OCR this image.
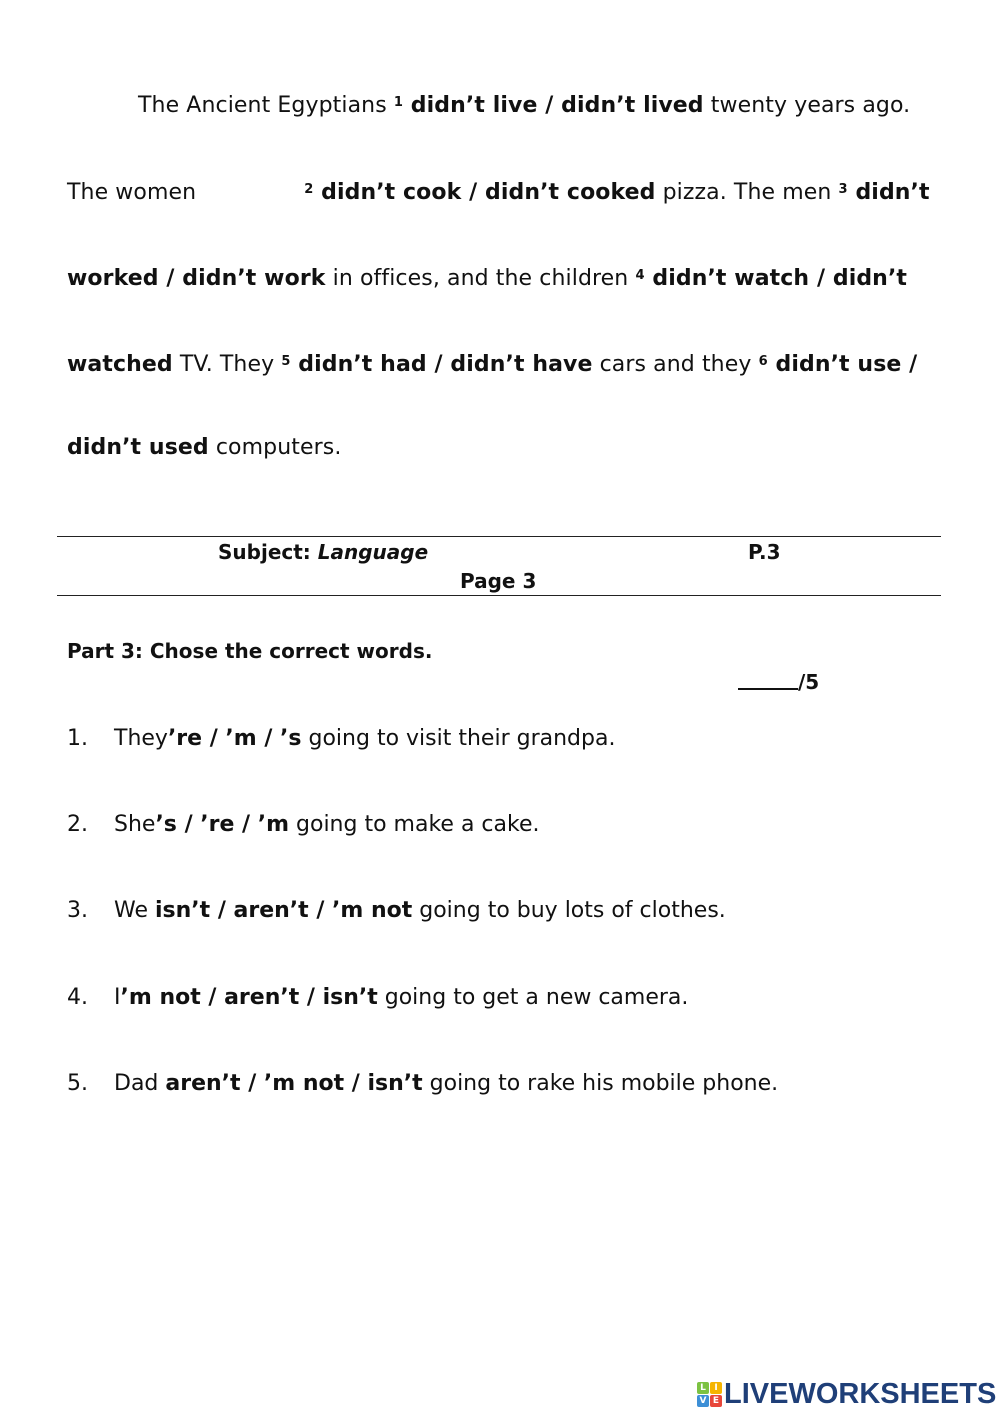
The Ancient Egyptians $^1$ didn’t live / didn’t lived twenty years ago.
The women	$^2$ didn’t cook / didn’t cooked pizza. The men $^3$ didn’t
worked / didn’t work in offices, and the children $^4$ didn’t watch / didn’t
watched TV. They $^5$ didn’t had / didn’t have cars and they $^6$ didn’t use /
didn’t used computers.
Subject: Language	P.3
Page 3
Part 3: Chose the correct words.
/5
1. They’re / ’m / ’s going to visit their grandpa.
2. She’s / ’re / ’m going to make a cake.
3. We isn’t / aren’t / ’m not going to buy lots of clothes.
4. I’m not / aren’t / isn’t going to get a new camera.
5. Dad aren’t / ’m not / isn’t going to rake his mobile phone.
L I
V E LIVEWORKSHEETS
